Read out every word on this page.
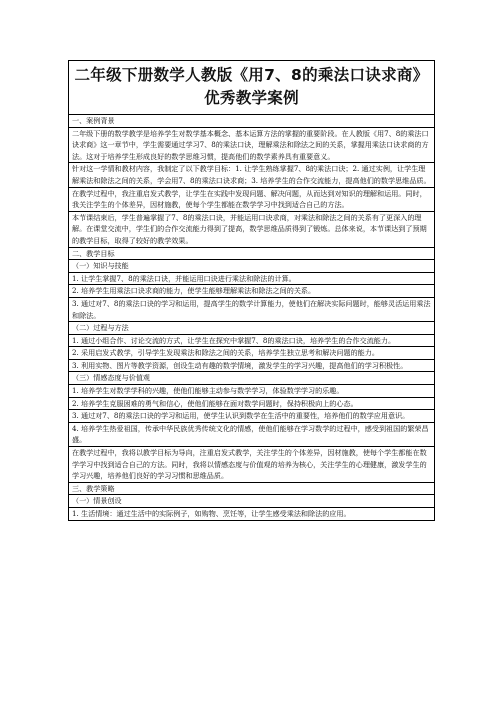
二年级下册数学人教版《用7、8的乘法口诀求商》优秀教学案例
一、案例背景
二年级下册的数学教学是培养学生对数学基本概念、基本运算方法的掌握的重要阶段。在人教版《用7、8的乘法口诀求商》这一章节中，学生需要通过学习7、8的乘法口诀，理解乘法和除法之间的关系，掌握用乘法口诀求商的方法。这对于培养学生形成良好的数学思维习惯，提高他们的数学素养具有重要意义。
针对这一学情和教材内容，我制定了以下教学目标：1. 让学生熟练掌握7、8的乘法口诀；2. 通过实例，让学生理解乘法和除法之间的关系，学会用7、8的乘法口诀求商；3. 培养学生的合作交流能力，提高他们的数学思维品质。
在教学过程中，我注重启发式教学，让学生在实践中发现问题、解决问题，从而达到对知识的理解和运用。同时，我关注学生的个体差异，因材施教，使每个学生都能在数学学习中找到适合自己的方法。
本节课结束后，学生普遍掌握了7、8的乘法口诀，并能运用口诀求商，对乘法和除法之间的关系有了更深入的理解。在课堂交流中，学生们的合作交流能力得到了提高，数学思维品质得到了锻炼。总体来说，本节课达到了预期的教学目标，取得了较好的教学效果。
二、教学目标
（一）知识与技能
1. 让学生掌握7、8的乘法口诀，并能运用口诀进行乘法和除法的计算。
2. 培养学生用乘法口诀求商的能力，使学生能够理解乘法和除法之间的关系。
3. 通过对7、8的乘法口诀的学习和运用，提高学生的数学计算能力，使他们在解决实际问题时，能够灵活运用乘法和除法。
（二）过程与方法
1. 通过小组合作、讨论交流的方式，让学生在探究中掌握7、8的乘法口诀，培养学生的合作交流能力。
2. 采用启发式教学，引导学生发现乘法和除法之间的关系，培养学生独立思考和解决问题的能力。
3. 利用实物、图片等教学资源，创设生动有趣的数学情境，激发学生的学习兴趣，提高他们的学习积极性。
（三）情感态度与价值观
1. 培养学生对数学学科的兴趣，使他们能够主动参与数学学习，体验数学学习的乐趣。
2. 培养学生克服困难的勇气和信心，使他们能够在面对数学问题时，保持积极向上的心态。
3. 通过对7、8的乘法口诀的学习和运用，使学生认识到数学在生活中的重要性，培养他们的数学应用意识。
4. 培养学生热爱祖国，传承中华民族优秀传统文化的情感，使他们能够在学习数学的过程中，感受到祖国的繁荣昌盛。
在教学过程中，我将以教学目标为导向，注重启发式教学，关注学生的个体差异，因材施教，使每个学生都能在数学学习中找到适合自己的方法。同时，我将以情感态度与价值观的培养为核心，关注学生的心理健康，激发学生的学习兴趣，培养他们良好的学习习惯和思维品质。
三、教学策略
（一）情景创设
1. 生活情境：通过生活中的实际例子，如购物、烹饪等，让学生感受乘法和除法的应用。
